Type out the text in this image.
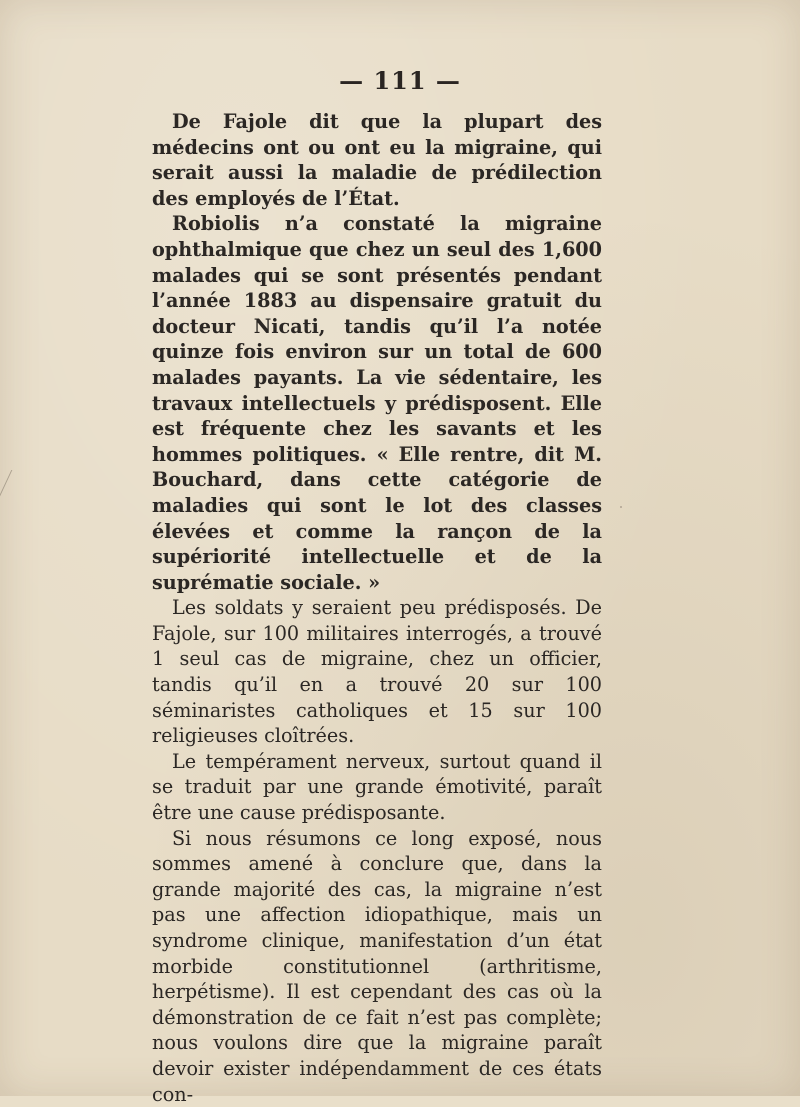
— 111 —

De Fajole dit que la plupart des médecins ont ou ont eu la migraine, qui serait aussi la maladie de prédilection des employés de l’État.

Robiolis n’a constaté la migraine ophthalmique que chez un seul des 1,600 malades qui se sont présentés pendant l’année 1883 au dispensaire gratuit du docteur Nicati, tandis qu’il l’a notée quinze fois environ sur un total de 600 malades payants. La vie sédentaire, les travaux intellectuels y prédisposent. Elle est fréquente chez les savants et les hommes politiques. « Elle rentre, dit M. Bouchard, dans cette catégorie de maladies qui sont le lot des classes élevées et comme la rançon de la supériorité intellectuelle et de la suprématie sociale. »

Les soldats y seraient peu prédisposés. De Fajole, sur 100 militaires interrogés, a trouvé 1 seul cas de migraine, chez un officier, tandis qu’il en a trouvé 20 sur 100 séminaristes catholiques et 15 sur 100 religieuses cloîtrées.

Le tempérament nerveux, surtout quand il se traduit par une grande émotivité, paraît être une cause prédisposante.

Si nous résumons ce long exposé, nous sommes amené à conclure que, dans la grande majorité des cas, la migraine n’est pas une affection idiopathique, mais un syndrome clinique, manifestation d’un état morbide constitutionnel (arthritisme, herpétisme). Il est cependant des cas où la démonstration de ce fait n’est pas complète; nous voulons dire que la migraine paraît devoir exister indépendamment de ces états con-
